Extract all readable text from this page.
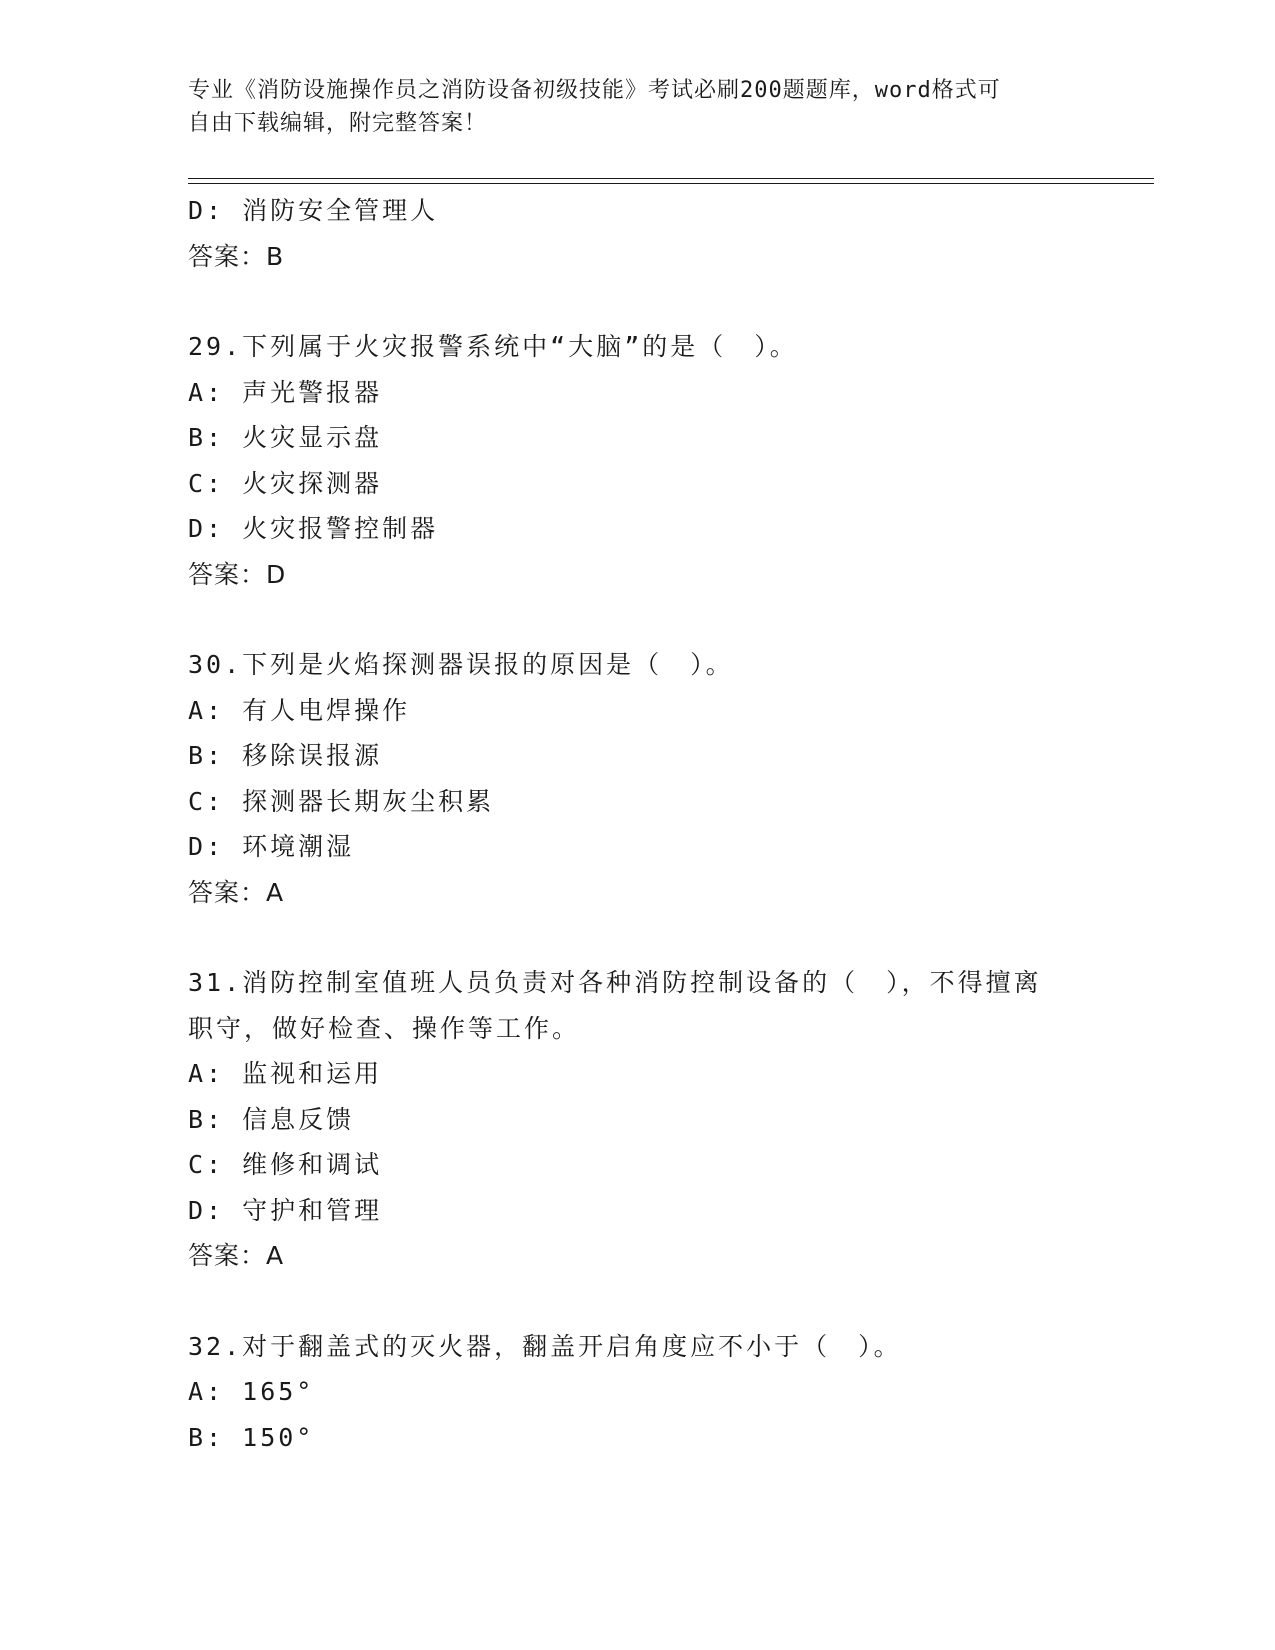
专业《消防设施操作员之消防设备初级技能》考试必刷200题题库，word格式可
自由下载编辑，附完整答案！
D: 消防安全管理人
答案：B
29.下列属于火灾报警系统中“大脑”的是（　）。
A: 声光警报器
B: 火灾显示盘
C: 火灾探测器
D: 火灾报警控制器
答案：D
30.下列是火焰探测器误报的原因是（　）。
A: 有人电焊操作
B: 移除误报源
C: 探测器长期灰尘积累
D: 环境潮湿
答案：A
31.消防控制室值班人员负责对各种消防控制设备的（　），不得擅离
职守，做好检查、操作等工作。
A: 监视和运用
B: 信息反馈
C: 维修和调试
D: 守护和管理
答案：A
32.对于翻盖式的灭火器，翻盖开启角度应不小于（　）。
A: 165°
B: 150°
